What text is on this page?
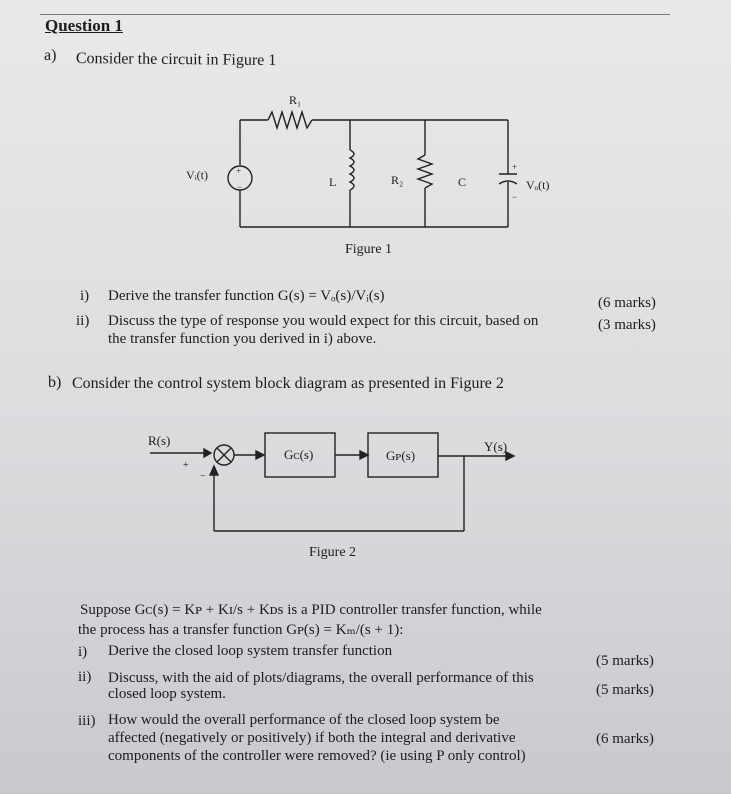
Question 1
a) Consider the circuit in Figure 1
+
−
+
−
R₁
Vᵢ(t)	L	R₂	C	Vₒ(t)
Figure 1
i) Derive the transfer function G(s) = Vₒ(s)/Vᵢ(s)	(6 marks)
ii) Discuss the type of response you would expect for this circuit, based on
the transfer function you derived in i) above.
(3 marks)
b) Consider the control system block diagram as presented in Figure 2
R(s)	Y(s)
Gᴄ(s)	Gᴘ(s)
+
−
Figure 2
Suppose Gᴄ(s) = Kᴘ + Kɪ/s + Kᴅs is a PID controller transfer function, while
the process has a transfer function Gᴘ(s) = Kₘ/(s + 1):
i) Derive the closed loop system transfer function
(5 marks)
ii) Discuss, with the aid of plots/diagrams, the overall performance of this
closed loop system.	(5 marks)
iii) How would the overall performance of the closed loop system be
affected (negatively or positively) if both the integral and derivative
components of the controller were removed? (ie using P only control)
(6 marks)
